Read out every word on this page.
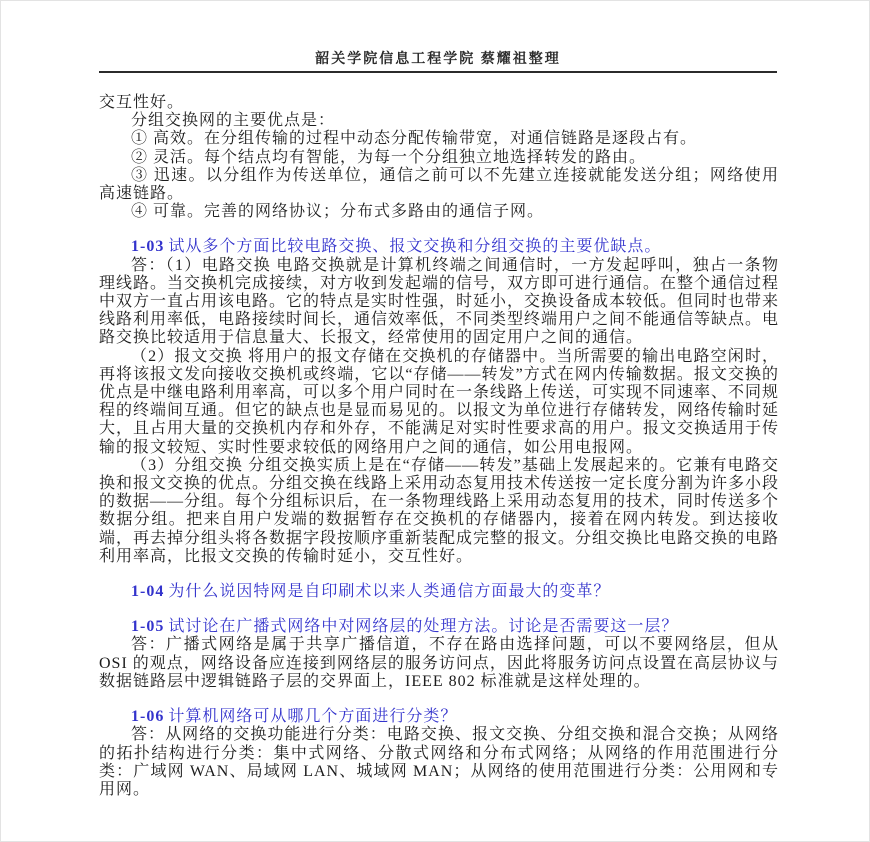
韶关学院信息工程学院 蔡耀祖整理

交互性好。

分组交换网的主要优点是：

① 高效。在分组传输的过程中动态分配传输带宽，对通信链路是逐段占有。

② 灵活。每个结点均有智能，为每一个分组独立地选择转发的路由。

③ 迅速。以分组作为传送单位，通信之前可以不先建立连接就能发送分组；网络使用高速链路。

④ 可靠。完善的网络协议；分布式多路由的通信子网。

1-03 试从多个方面比较电路交换、报文交换和分组交换的主要优缺点。

答：（1）电路交换 电路交换就是计算机终端之间通信时，一方发起呼叫，独占一条物理线路。当交换机完成接续，对方收到发起端的信号，双方即可进行通信。在整个通信过程中双方一直占用该电路。它的特点是实时性强，时延小，交换设备成本较低。但同时也带来线路利用率低，电路接续时间长，通信效率低，不同类型终端用户之间不能通信等缺点。电路交换比较适用于信息量大、长报文，经常使用的固定用户之间的通信。

（2）报文交换 将用户的报文存储在交换机的存储器中。当所需要的输出电路空闲时，再将该报文发向接收交换机或终端，它以“存储——转发”方式在网内传输数据。报文交换的优点是中继电路利用率高，可以多个用户同时在一条线路上传送，可实现不同速率、不同规程的终端间互通。但它的缺点也是显而易见的。以报文为单位进行存储转发，网络传输时延大，且占用大量的交换机内存和外存，不能满足对实时性要求高的用户。报文交换适用于传输的报文较短、实时性要求较低的网络用户之间的通信，如公用电报网。

（3）分组交换 分组交换实质上是在“存储——转发”基础上发展起来的。它兼有电路交换和报文交换的优点。分组交换在线路上采用动态复用技术传送按一定长度分割为许多小段的数据——分组。每个分组标识后，在一条物理线路上采用动态复用的技术，同时传送多个数据分组。把来自用户发端的数据暂存在交换机的存储器内，接着在网内转发。到达接收端，再去掉分组头将各数据字段按顺序重新装配成完整的报文。分组交换比电路交换的电路利用率高，比报文交换的传输时延小，交互性好。

1-04 为什么说因特网是自印刷术以来人类通信方面最大的变革？

1-05 试讨论在广播式网络中对网络层的处理方法。讨论是否需要这一层？

答：广播式网络是属于共享广播信道，不存在路由选择问题，可以不要网络层，但从 OSI 的观点，网络设备应连接到网络层的服务访问点，因此将服务访问点设置在高层协议与数据链路层中逻辑链路子层的交界面上，IEEE 802 标准就是这样处理的。

1-06 计算机网络可从哪几个方面进行分类？

答：从网络的交换功能进行分类：电路交换、报文交换、分组交换和混合交换；从网络的拓扑结构进行分类：集中式网络、分散式网络和分布式网络；从网络的作用范围进行分类：广域网 WAN、局域网 LAN、城域网 MAN；从网络的使用范围进行分类：公用网和专用网。
